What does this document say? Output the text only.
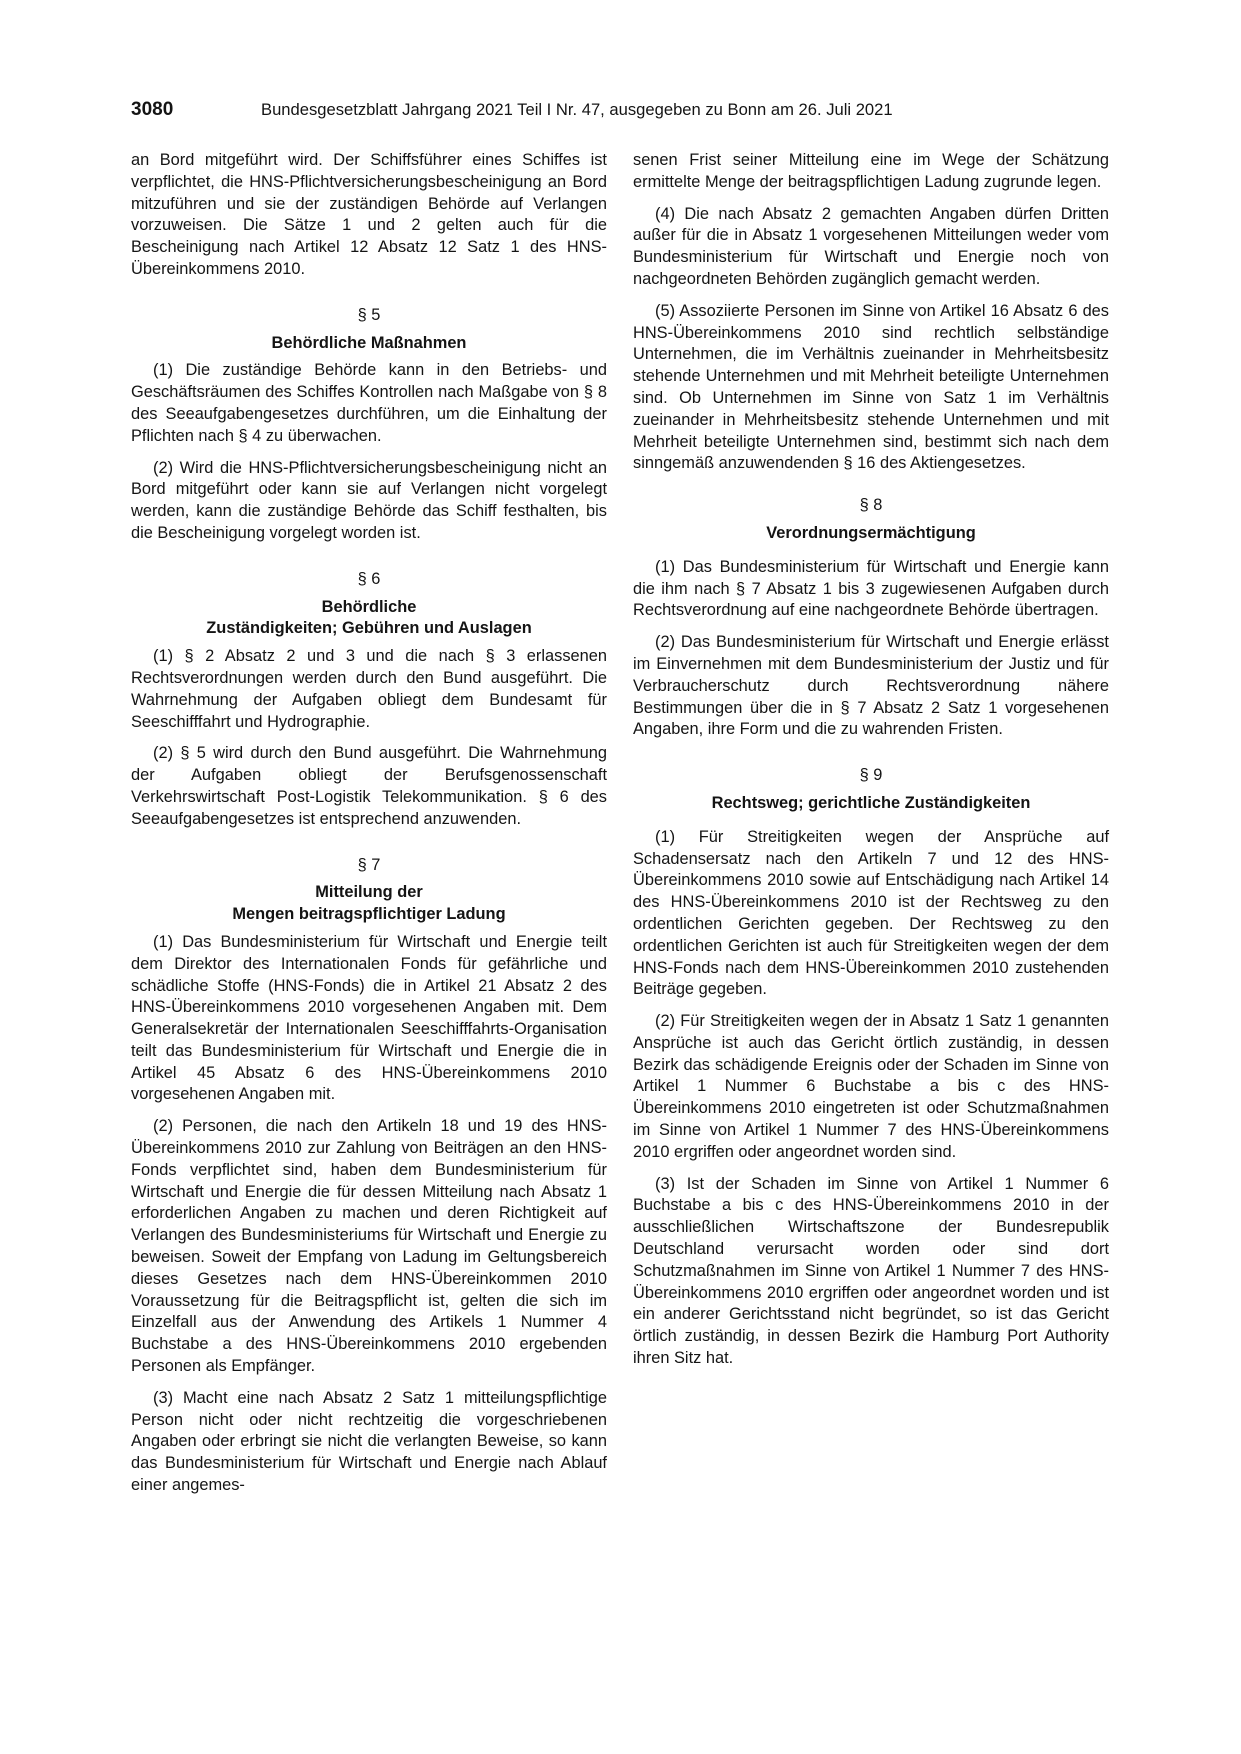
3080	Bundesgesetzblatt Jahrgang 2021 Teil I Nr. 47, ausgegeben zu Bonn am 26. Juli 2021

an Bord mitgeführt wird. Der Schiffsführer eines Schiffes ist verpflichtet, die HNS-Pflichtversicherungsbescheinigung an Bord mitzuführen und sie der zuständigen Behörde auf Verlangen vorzuweisen. Die Sätze 1 und 2 gelten auch für die Bescheinigung nach Artikel 12 Absatz 12 Satz 1 des HNS-Übereinkommens 2010.

§ 5
Behördliche Maßnahmen

(1) Die zuständige Behörde kann in den Betriebs- und Geschäftsräumen des Schiffes Kontrollen nach Maßgabe von § 8 des Seeaufgabengesetzes durchführen, um die Einhaltung der Pflichten nach § 4 zu überwachen.

(2) Wird die HNS-Pflichtversicherungsbescheinigung nicht an Bord mitgeführt oder kann sie auf Verlangen nicht vorgelegt werden, kann die zuständige Behörde das Schiff festhalten, bis die Bescheinigung vorgelegt worden ist.

§ 6
Behördliche
Zuständigkeiten; Gebühren und Auslagen

(1) § 2 Absatz 2 und 3 und die nach § 3 erlassenen Rechtsverordnungen werden durch den Bund ausgeführt. Die Wahrnehmung der Aufgaben obliegt dem Bundesamt für Seeschifffahrt und Hydrographie.

(2) § 5 wird durch den Bund ausgeführt. Die Wahrnehmung der Aufgaben obliegt der Berufsgenossenschaft Verkehrswirtschaft Post-Logistik Telekommunikation. § 6 des Seeaufgabengesetzes ist entsprechend anzuwenden.

§ 7
Mitteilung der
Mengen beitragspflichtiger Ladung

(1) Das Bundesministerium für Wirtschaft und Energie teilt dem Direktor des Internationalen Fonds für gefährliche und schädliche Stoffe (HNS-Fonds) die in Artikel 21 Absatz 2 des HNS-Übereinkommens 2010 vorgesehenen Angaben mit. Dem Generalsekretär der Internationalen Seeschifffahrts-Organisation teilt das Bundesministerium für Wirtschaft und Energie die in Artikel 45 Absatz 6 des HNS-Übereinkommens 2010 vorgesehenen Angaben mit.

(2) Personen, die nach den Artikeln 18 und 19 des HNS-Übereinkommens 2010 zur Zahlung von Beiträgen an den HNS-Fonds verpflichtet sind, haben dem Bundesministerium für Wirtschaft und Energie die für dessen Mitteilung nach Absatz 1 erforderlichen Angaben zu machen und deren Richtigkeit auf Verlangen des Bundesministeriums für Wirtschaft und Energie zu beweisen. Soweit der Empfang von Ladung im Geltungsbereich dieses Gesetzes nach dem HNS-Übereinkommen 2010 Voraussetzung für die Beitragspflicht ist, gelten die sich im Einzelfall aus der Anwendung des Artikels 1 Nummer 4 Buchstabe a des HNS-Übereinkommens 2010 ergebenden Personen als Empfänger.

(3) Macht eine nach Absatz 2 Satz 1 mitteilungspflichtige Person nicht oder nicht rechtzeitig die vorgeschriebenen Angaben oder erbringt sie nicht die verlangten Beweise, so kann das Bundesministerium für Wirtschaft und Energie nach Ablauf einer angemes-

senen Frist seiner Mitteilung eine im Wege der Schätzung ermittelte Menge der beitragspflichtigen Ladung zugrunde legen.

(4) Die nach Absatz 2 gemachten Angaben dürfen Dritten außer für die in Absatz 1 vorgesehenen Mitteilungen weder vom Bundesministerium für Wirtschaft und Energie noch von nachgeordneten Behörden zugänglich gemacht werden.

(5) Assoziierte Personen im Sinne von Artikel 16 Absatz 6 des HNS-Übereinkommens 2010 sind rechtlich selbständige Unternehmen, die im Verhältnis zueinander in Mehrheitsbesitz stehende Unternehmen und mit Mehrheit beteiligte Unternehmen sind. Ob Unternehmen im Sinne von Satz 1 im Verhältnis zueinander in Mehrheitsbesitz stehende Unternehmen und mit Mehrheit beteiligte Unternehmen sind, bestimmt sich nach dem sinngemäß anzuwendenden § 16 des Aktiengesetzes.

§ 8
Verordnungsermächtigung

(1) Das Bundesministerium für Wirtschaft und Energie kann die ihm nach § 7 Absatz 1 bis 3 zugewiesenen Aufgaben durch Rechtsverordnung auf eine nachgeordnete Behörde übertragen.

(2) Das Bundesministerium für Wirtschaft und Energie erlässt im Einvernehmen mit dem Bundesministerium der Justiz und für Verbraucherschutz durch Rechtsverordnung nähere Bestimmungen über die in § 7 Absatz 2 Satz 1 vorgesehenen Angaben, ihre Form und die zu wahrenden Fristen.

§ 9
Rechtsweg; gerichtliche Zuständigkeiten

(1) Für Streitigkeiten wegen der Ansprüche auf Schadensersatz nach den Artikeln 7 und 12 des HNS-Übereinkommens 2010 sowie auf Entschädigung nach Artikel 14 des HNS-Übereinkommens 2010 ist der Rechtsweg zu den ordentlichen Gerichten gegeben. Der Rechtsweg zu den ordentlichen Gerichten ist auch für Streitigkeiten wegen der dem HNS-Fonds nach dem HNS-Übereinkommen 2010 zustehenden Beiträge gegeben.

(2) Für Streitigkeiten wegen der in Absatz 1 Satz 1 genannten Ansprüche ist auch das Gericht örtlich zuständig, in dessen Bezirk das schädigende Ereignis oder der Schaden im Sinne von Artikel 1 Nummer 6 Buchstabe a bis c des HNS-Übereinkommens 2010 eingetreten ist oder Schutzmaßnahmen im Sinne von Artikel 1 Nummer 7 des HNS-Übereinkommens 2010 ergriffen oder angeordnet worden sind.

(3) Ist der Schaden im Sinne von Artikel 1 Nummer 6 Buchstabe a bis c des HNS-Übereinkommens 2010 in der ausschließlichen Wirtschaftszone der Bundesrepublik Deutschland verursacht worden oder sind dort Schutzmaßnahmen im Sinne von Artikel 1 Nummer 7 des HNS-Übereinkommens 2010 ergriffen oder angeordnet worden und ist ein anderer Gerichtsstand nicht begründet, so ist das Gericht örtlich zuständig, in dessen Bezirk die Hamburg Port Authority ihren Sitz hat.
